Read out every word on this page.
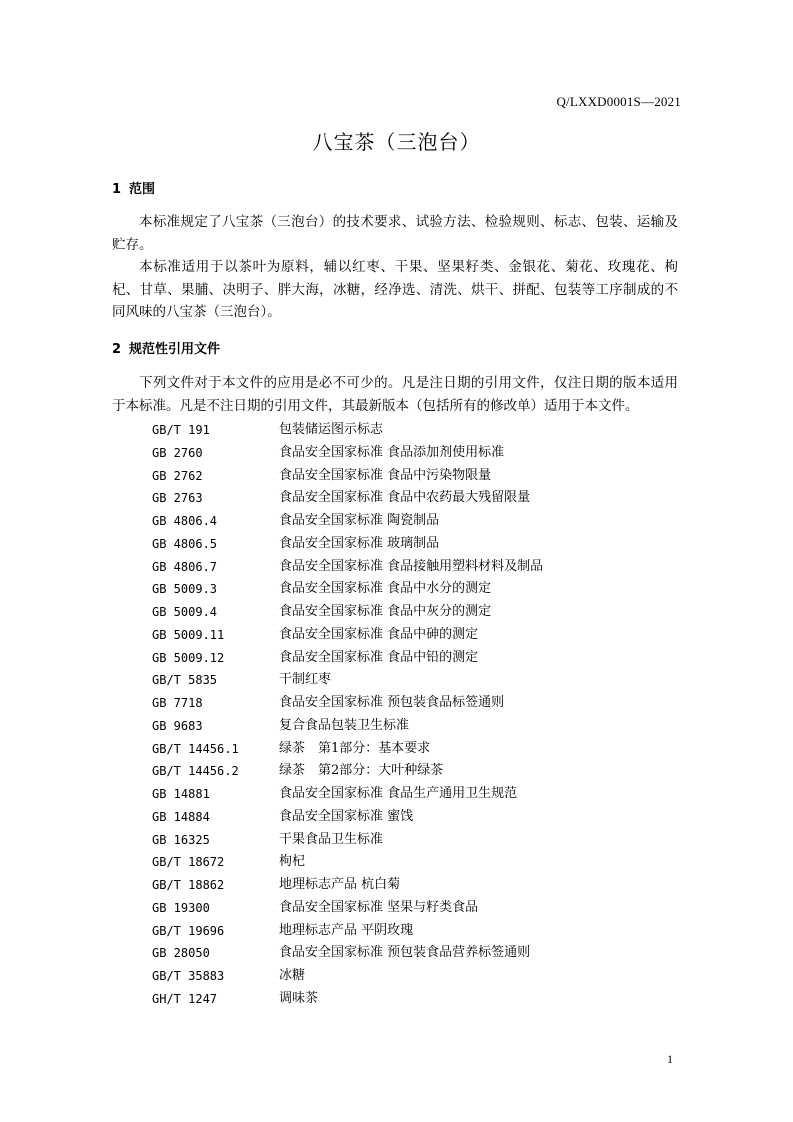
Q/LXXD0001S—2021
八宝茶（三泡台）
1 范围

本标准规定了八宝茶（三泡台）的技术要求、试验方法、检验规则、标志、包装、运输及贮存。

本标准适用于以茶叶为原料，辅以红枣、干果、坚果籽类、金银花、菊花、玫瑰花、枸杞、甘草、果脯、决明子、胖大海，冰糖，经净选、清洗、烘干、拼配、包装等工序制成的不同风味的八宝茶（三泡台）。

2 规范性引用文件

下列文件对于本文件的应用是必不可少的。凡是注日期的引用文件，仅注日期的版本适用于本标准。凡是不注日期的引用文件，其最新版本（包括所有的修改单）适用于本文件。

GB/T 191	包装储运图示标志
GB 2760	食品安全国家标准 食品添加剂使用标准
GB 2762	食品安全国家标准 食品中污染物限量
GB 2763	食品安全国家标准 食品中农药最大残留限量
GB 4806.4	食品安全国家标准 陶瓷制品
GB 4806.5	食品安全国家标准 玻璃制品
GB 4806.7	食品安全国家标准 食品接触用塑料材料及制品
GB 5009.3	食品安全国家标准 食品中水分的测定
GB 5009.4	食品安全国家标准 食品中灰分的测定
GB 5009.11	食品安全国家标准 食品中砷的测定
GB 5009.12	食品安全国家标准 食品中铅的测定
GB/T 5835	干制红枣
GB 7718	食品安全国家标准 预包装食品标签通则
GB 9683	复合食品包装卫生标准
GB/T 14456.1	绿茶　第1部分：基本要求
GB/T 14456.2	绿茶　第2部分：大叶种绿茶
GB 14881	食品安全国家标准 食品生产通用卫生规范
GB 14884	食品安全国家标准 蜜饯
GB 16325	干果食品卫生标准
GB/T 18672	枸杞
GB/T 18862	地理标志产品 杭白菊
GB 19300	食品安全国家标准 坚果与籽类食品
GB/T 19696	地理标志产品 平阴玫瑰
GB 28050	食品安全国家标准 预包装食品营养标签通则
GB/T 35883	冰糖
GH/T 1247	调味茶
1
